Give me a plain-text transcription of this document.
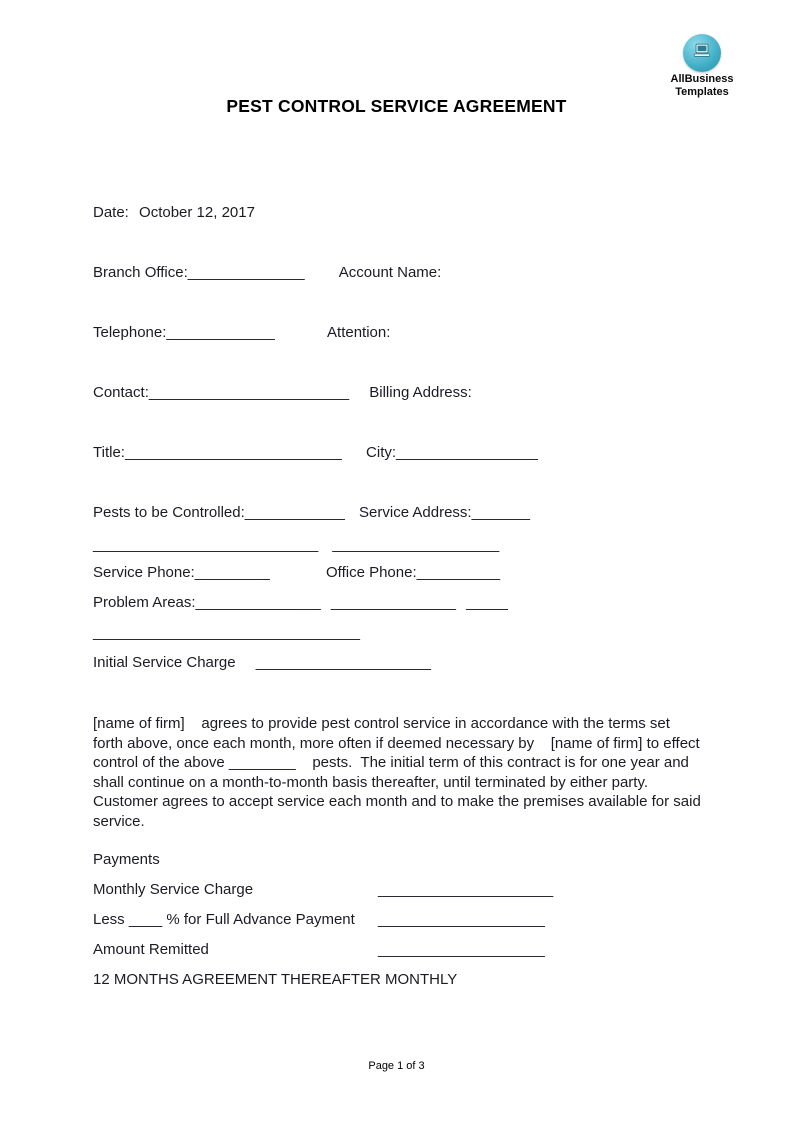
AllBusiness
Templates
PEST CONTROL SERVICE AGREEMENT
Date: October 12, 2017
Branch Office:______________ Account Name:
Telephone:_____________	Attention:
Contact:________________________ Billing Address:
Title:__________________________ City:_________________
Pests to be Controlled:____________ Service Address:_______
___________________________ ____________________
Service Phone:_________	Office Phone:__________
Problem Areas:_______________ _______________ _____
________________________________
Initial Service Charge _____________________
[name of firm]    agrees to provide pest control service in accordance with the terms set forth above, once each month, more often if deemed necessary by    [name of firm] to effect control of the above ________    pests.  The initial term of this contract is for one year and shall continue on a month-to-month basis thereafter, until terminated by either party.  Customer agrees to accept service each month and to make the premises available for said service.
Payments
Monthly Service Charge	_____________________
Less ____ % for Full Advance Payment ____________________
Amount Remitted	____________________
12 MONTHS AGREEMENT THEREAFTER MONTHLY
Page 1 of 3
